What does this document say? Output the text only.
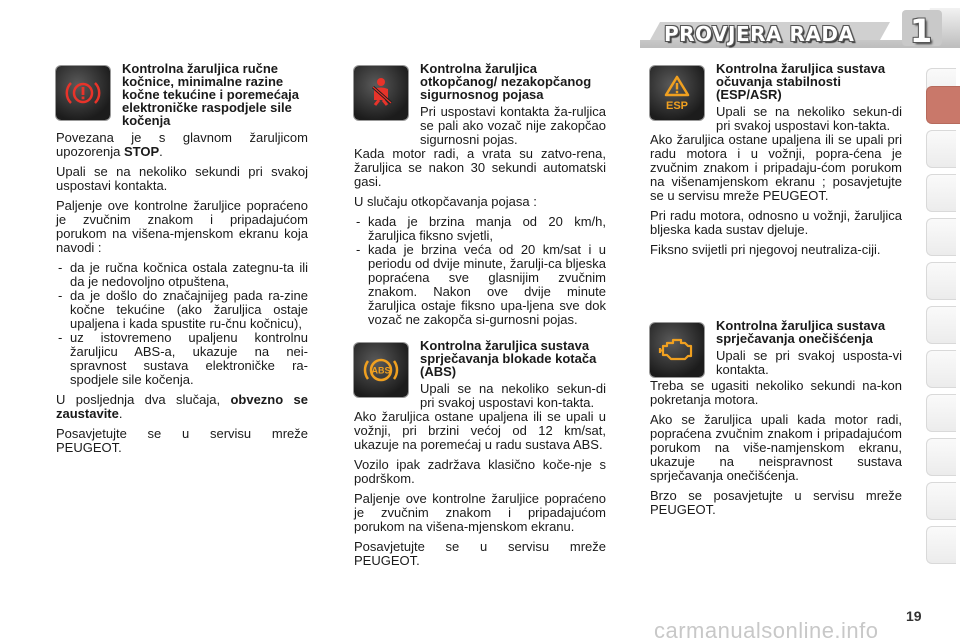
PROVJERA RADA 1
Kontrolna žaruljica ručne kočnice, minimalne razine kočne tekućine i poremećaja elektroničke raspodjele sile kočenja

Povezana je s glavnom žaruljicom upozorenja STOP.

Upali se na nekoliko sekundi pri svakoj uspostavi kontakta.

Paljenje ove kontrolne žaruljice popraćeno je zvučnim znakom i pripadajućom porukom na višena-mjenskom ekranu koja navodi :

- da je ručna kočnica ostala zategnu-ta ili da je nedovoljno otpuštena,
- da je došlo do značajnijeg pada ra-zine kočne tekućine (ako žaruljica ostaje upaljena i kada spustite ru-čnu kočnicu),
- uz istovremeno upaljenu kontrolnu žaruljicu ABS-a, ukazuje na nei-spravnost sustava elektroničke ra-spodjele sile kočenja.

U posljednja dva slučaja, obvezno se zaustavite.

Posavjetujte se u servisu mreže PEUGEOT.

Kontrolna žaruljica otkopčanog/ nezakopčanog sigurnosnog pojasa
Pri uspostavi kontakta ža-ruljica se pali ako vozač nije zakopčao sigurnosni pojas.

Kada motor radi, a vrata su zatvo-rena, žaruljica se nakon 30 sekundi automatski gasi.

U slučaju otkopčavanja pojasa :

- kada je brzina manja od 20 km/h, žaruljica fiksno svjetli,
- kada je brzina veća od 20 km/sat i u periodu od dvije minute, žarulji-ca bljeska popraćena sve glasnijim zvučnim znakom. Nakon ove dvije minute žaruljica ostaje fiksno upa-ljena sve dok vozač ne zakopča si-gurnosni pojas.
ABS
Kontrolna žaruljica sustava sprječavanja blokade kotača (ABS)
Upali se na nekoliko sekun-di pri svakoj uspostavi kon-takta.

Ako žaruljica ostane upaljena ili se upali u vožnji, pri brzini većoj od 12 km/sat, ukazuje na poremećaj u radu sustava ABS.

Vozilo ipak zadržava klasično koče-nje s podrškom.

Paljenje ove kontrolne žaruljice popraćeno je zvučnim znakom i pripadajućom porukom na višena-mjenskom ekranu.

Posavjetujte se u servisu mreže PEUGEOT.

ESP
Kontrolna žaruljica sustava očuvanja stabilnosti (ESP/ASR)
Upali se na nekoliko sekun-di pri svakoj uspostavi kon-takta.

Ako žaruljica ostane upaljena ili se upali pri radu motora i u vožnji, popra-ćena je zvučnim znakom i pripadaju-ćom porukom na višenamjenskom ekranu ; posavjetujte se u servisu mreže PEUGEOT.

Pri radu motora, odnosno u vožnji, žaruljica bljeska kada sustav djeluje.

Fiksno svijetli pri njegovoj neutraliza-ciji.

Kontrolna žaruljica sustava sprječavanja onečišćenja
Upali se pri svakoj usposta-vi kontakta.

Treba se ugasiti nekoliko sekundi na-kon pokretanja motora.

Ako se žaruljica upali kada motor radi, popraćena zvučnim znakom i pripadajućom porukom na više-namjenskom ekranu, ukazuje na neispravnost sustava sprječavanja onečišćenja.

Brzo se posavjetujte u servisu mreže PEUGEOT.

carmanualsonline.info
19
